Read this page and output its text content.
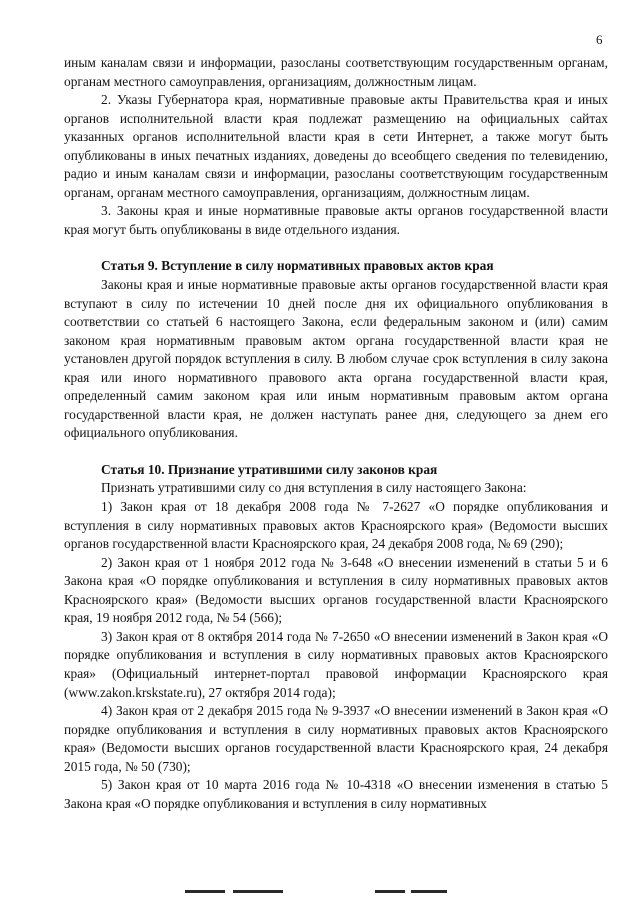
6

иным каналам связи и информации, разосланы соответствующим государственным органам, органам местного самоуправления, организациям, должностным лицам.

2. Указы Губернатора края, нормативные правовые акты Правительства края и иных органов исполнительной власти края подлежат размещению на официальных сайтах указанных органов исполнительной власти края в сети Интернет, а также могут быть опубликованы в иных печатных изданиях, доведены до всеобщего сведения по телевидению, радио и иным каналам связи и информации, разосланы соответствующим государственным органам, органам местного самоуправления, организациям, должностным лицам.

3. Законы края и иные нормативные правовые акты органов государственной власти края могут быть опубликованы в виде отдельного издания.

Статья 9. Вступление в силу нормативных правовых актов края

Законы края и иные нормативные правовые акты органов государственной власти края вступают в силу по истечении 10 дней после дня их официального опубликования в соответствии со статьей 6 настоящего Закона, если федеральным законом и (или) самим законом края нормативным правовым актом органа государственной власти края не установлен другой порядок вступления в силу. В любом случае срок вступления в силу закона края или иного нормативного правового акта органа государственной власти края, определенный самим законом края или иным нормативным правовым актом органа государственной власти края, не должен наступать ранее дня, следующего за днем его официального опубликования.

Статья 10. Признание утратившими силу законов края

Признать утратившими силу со дня вступления в силу настоящего Закона:

1) Закон края от 18 декабря 2008 года № 7-2627 «О порядке опубликования и вступления в силу нормативных правовых актов Красноярского края» (Ведомости высших органов государственной власти Красноярского края, 24 декабря 2008 года, № 69 (290);

2) Закон края от 1 ноября 2012 года № 3-648 «О внесении изменений в статьи 5 и 6 Закона края «О порядке опубликования и вступления в силу нормативных правовых актов Красноярского края» (Ведомости высших органов государственной власти Красноярского края, 19 ноября 2012 года, № 54 (566);

3) Закон края от 8 октября 2014 года № 7-2650 «О внесении изменений в Закон края «О порядке опубликования и вступления в силу нормативных правовых актов Красноярского края» (Официальный интернет-портал правовой информации Красноярского края (www.zakon.krskstate.ru), 27 октября 2014 года);

4) Закон края от 2 декабря 2015 года № 9-3937 «О внесении изменений в Закон края «О порядке опубликования и вступления в силу нормативных правовых актов Красноярского края» (Ведомости высших органов государственной власти Красноярского края, 24 декабря 2015 года, № 50 (730);

5) Закон края от 10 марта 2016 года № 10-4318 «О внесении изменения в статью 5 Закона края «О порядке опубликования и вступления в силу нормативных
